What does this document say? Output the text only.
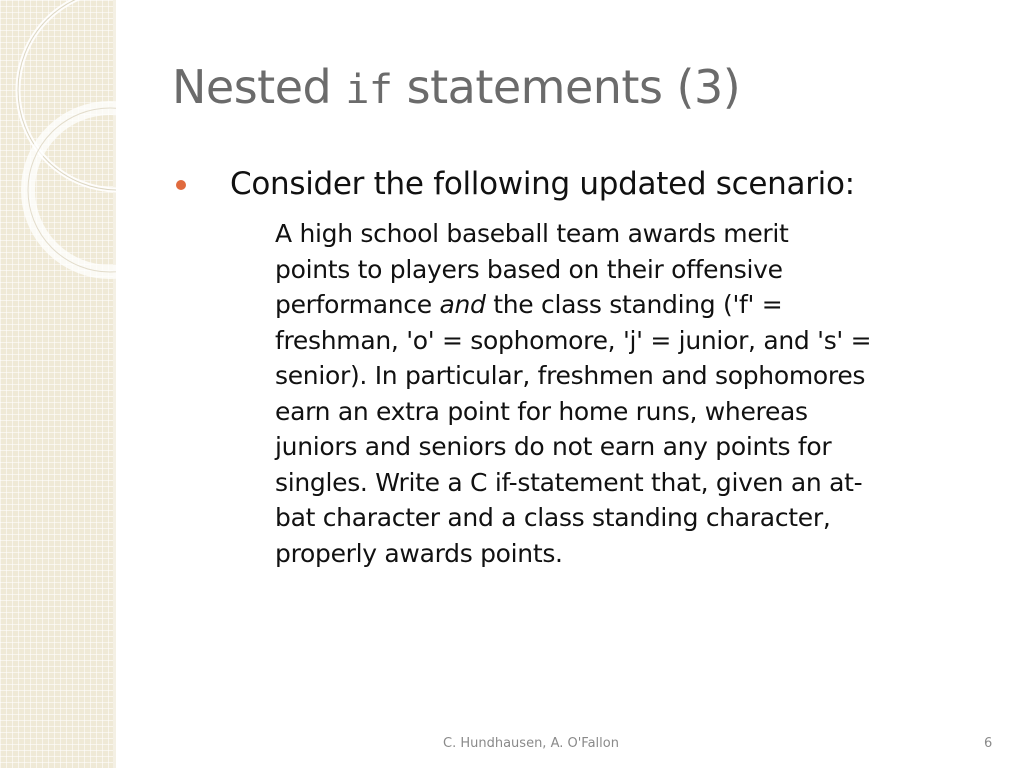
Nested if statements (3)
Consider the following updated scenario:

A high school baseball team awards merit
points to players based on their offensive
performance and the class standing ('f' =
freshman, 'o' = sophomore, 'j' = junior, and 's' =
senior). In particular, freshmen and sophomores
earn an extra point for home runs, whereas
juniors and seniors do not earn any points for
singles. Write a C if-statement that, given an at-
bat character and a class standing character,
properly awards points.

C. Hundhausen, A. O'Fallon	6
